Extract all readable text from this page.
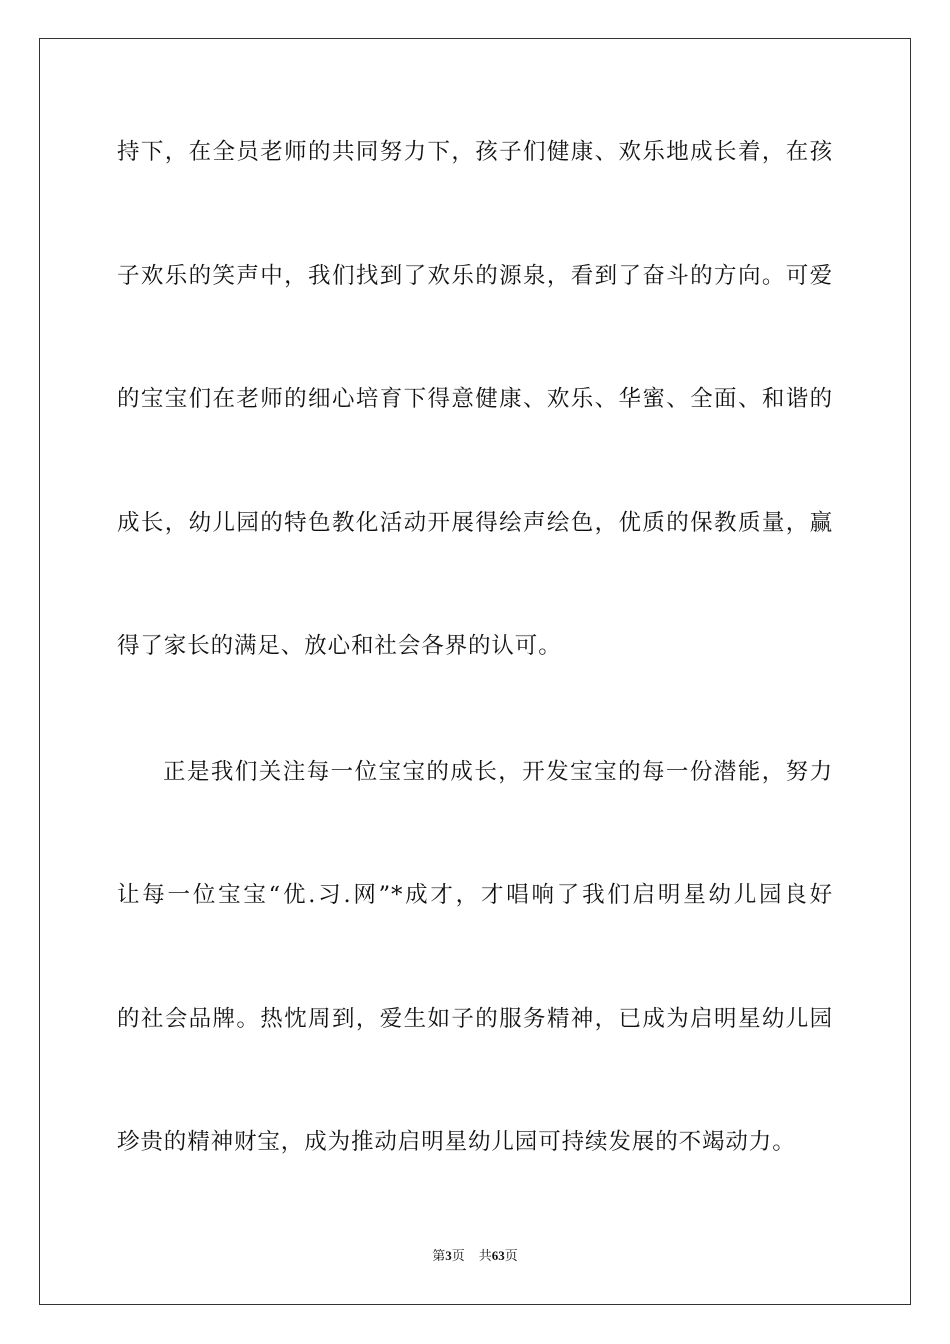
持下，在全员老师的共同努力下，孩子们健康、欢乐地成长着，在孩
子欢乐的笑声中，我们找到了欢乐的源泉，看到了奋斗的方向。可爱
的宝宝们在老师的细心培育下得意健康、欢乐、华蜜、全面、和谐的
成长，幼儿园的特色教化活动开展得绘声绘色，优质的保教质量，赢
得了家长的满足、放心和社会各界的认可。
正是我们关注每一位宝宝的成长，开发宝宝的每一份潜能，努力
让每一位宝宝“优.习.网”*成才，才唱响了我们启明星幼儿园良好
的社会品牌。热忱周到，爱生如子的服务精神，已成为启明星幼儿园
珍贵的精神财宝，成为推动启明星幼儿园可持续发展的不竭动力。
第3页 共63页
